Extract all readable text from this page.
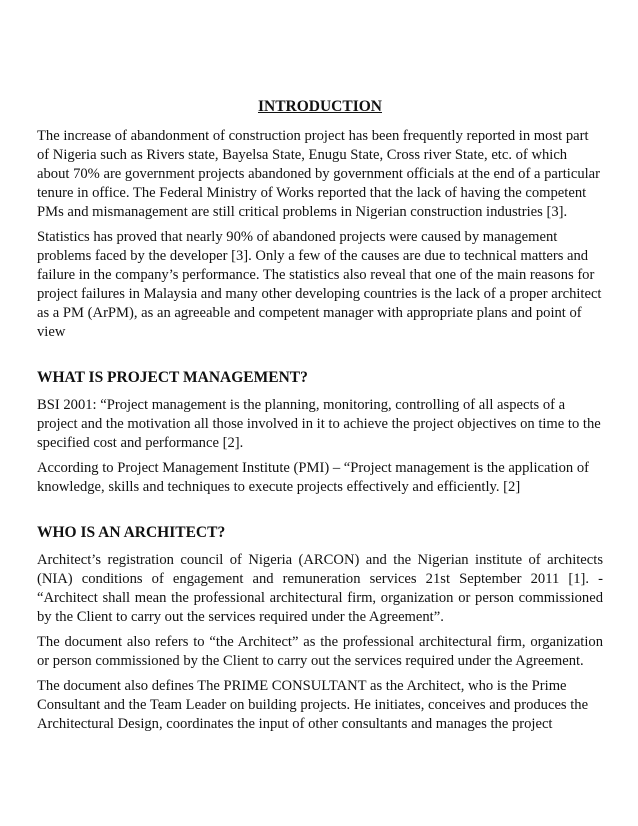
INTRODUCTION

The increase of abandonment of construction project has been frequently reported in most part of Nigeria such as Rivers state, Bayelsa State, Enugu State, Cross river State, etc. of which about 70% are government projects abandoned by government officials at the end of a particular tenure in office. The Federal Ministry of Works reported that the lack of having the competent PMs and mismanagement are still critical problems in Nigerian construction industries [3].

Statistics has proved that nearly 90% of abandoned projects were caused by management problems faced by the developer [3]. Only a few of the causes are due to technical matters and failure in the company’s performance. The statistics also reveal that one of the main reasons for project failures in Malaysia and many other developing countries is the lack of a proper architect as a PM (ArPM), as an agreeable and competent manager with appropriate plans and point of view

WHAT IS PROJECT MANAGEMENT?

BSI 2001: “Project management is the planning, monitoring, controlling of all aspects of a project and the motivation all those involved in it to achieve the project objectives on time to the specified cost and performance [2].

According to Project Management Institute (PMI) – “Project management is the application of knowledge, skills and techniques to execute projects effectively and efficiently. [2]

WHO IS AN ARCHITECT?

Architect’s registration council of Nigeria (ARCON) and the Nigerian institute of architects (NIA) conditions of engagement and remuneration services 21st September 2011 [1]. - “Architect shall mean the professional architectural firm, organization or person commissioned by the Client to carry out the services required under the Agreement”.

The document also refers to “the Architect” as the professional architectural firm, organization or person commissioned by the Client to carry out the services required under the Agreement.

The document also defines The PRIME CONSULTANT as the Architect, who is the Prime Consultant and the Team Leader on building projects. He initiates, conceives and produces the Architectural Design, coordinates the input of other consultants and manages the project
